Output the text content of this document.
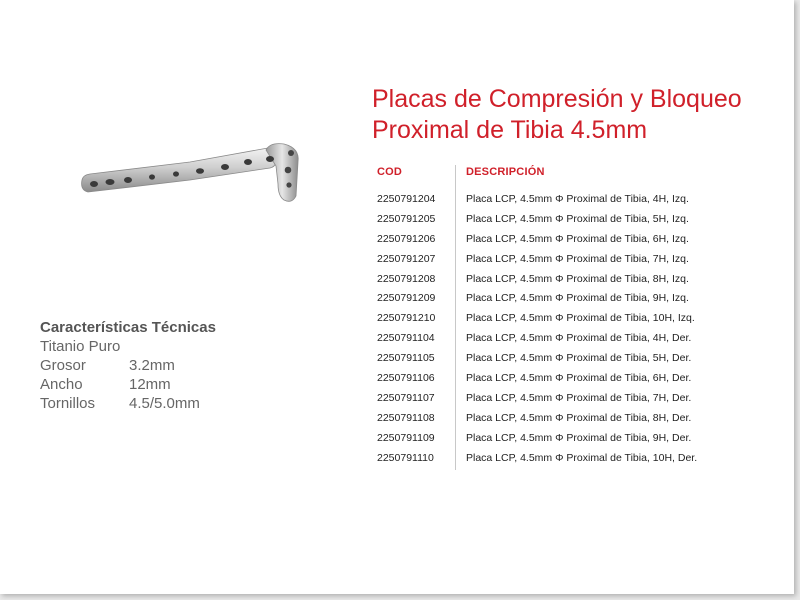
Placas de Compresión y Bloqueo
Proximal de Tibia 4.5mm
Características Técnicas
Titanio Puro
Grosor	3.2mm
Ancho	12mm
Tornillos 4.5/5.0mm
COD	DESCRIPCIÓN
2250791204	Placa LCP, 4.5mm Φ Proximal de Tibia, 4H, Izq.
2250791205	Placa LCP, 4.5mm Φ Proximal de Tibia, 5H, Izq.
2250791206	Placa LCP, 4.5mm Φ Proximal de Tibia, 6H, Izq.
2250791207	Placa LCP, 4.5mm Φ Proximal de Tibia, 7H, Izq.
2250791208	Placa LCP, 4.5mm Φ Proximal de Tibia, 8H, Izq.
2250791209	Placa LCP, 4.5mm Φ Proximal de Tibia, 9H, Izq.
2250791210	Placa LCP, 4.5mm Φ Proximal de Tibia, 10H, Izq.
2250791104	Placa LCP, 4.5mm Φ Proximal de Tibia, 4H, Der.
2250791105	Placa LCP, 4.5mm Φ Proximal de Tibia, 5H, Der.
2250791106	Placa LCP, 4.5mm Φ Proximal de Tibia, 6H, Der.
2250791107	Placa LCP, 4.5mm Φ Proximal de Tibia, 7H, Der.
2250791108	Placa LCP, 4.5mm Φ Proximal de Tibia, 8H, Der.
2250791109	Placa LCP, 4.5mm Φ Proximal de Tibia, 9H, Der.
2250791110	Placa LCP, 4.5mm Φ Proximal de Tibia, 10H, Der.
